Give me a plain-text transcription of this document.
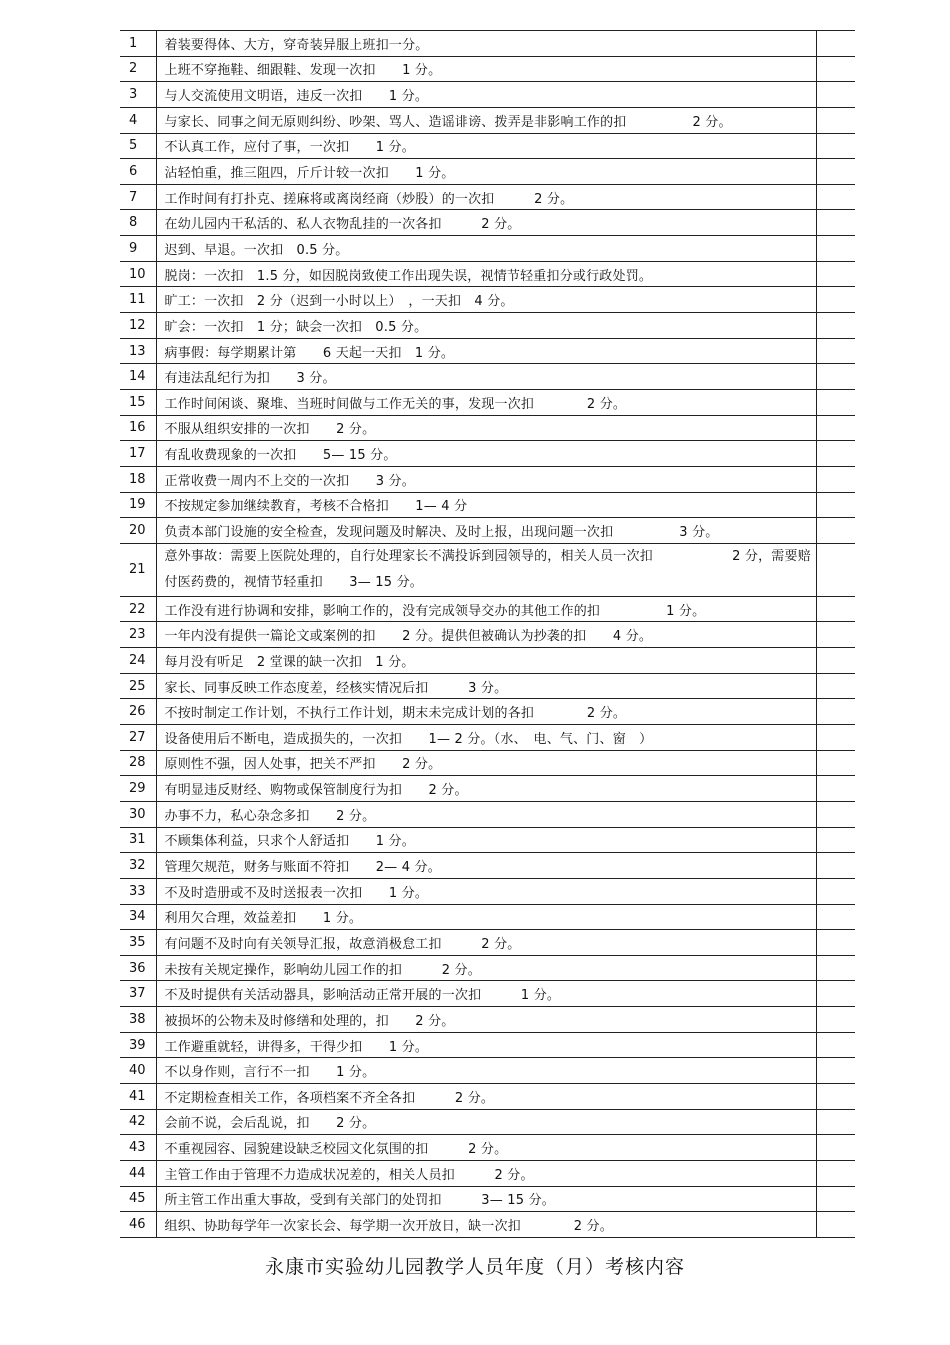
1	着装要得体、大方，穿奇装异服上班扣一分。	
2	上班不穿拖鞋、细跟鞋、发现一次扣　　1 分。	
3	与人交流使用文明语，违反一次扣　　1 分。	
4	与家长、同事之间无原则纠纷、吵架、骂人、造谣诽谤、拨弄是非影响工作的扣　　　　　2 分。	
5	不认真工作，应付了事，一次扣　　1 分。	
6	沾轻怕重，推三阻四，斤斤计较一次扣　　1 分。	
7	工作时间有打扑克、搓麻将或离岗经商（炒股）的一次扣　　　2 分。	
8	在幼儿园内干私活的、私人衣物乱挂的一次各扣　　　2 分。	
9	迟到、早退。一次扣　0.5 分。	
10	脱岗：一次扣　1.5 分，如因脱岗致使工作出现失误，视情节轻重扣分或行政处罚。	
11	旷工：一次扣　2 分（迟到一小时以上）　，一天扣　4 分。	
12	旷会：一次扣　1 分；缺会一次扣　0.5 分。	
13	病事假：每学期累计第　　6 天起一天扣　1 分。	
14	有违法乱纪行为扣　　3 分。	
15	工作时间闲谈、聚堆、当班时间做与工作无关的事，发现一次扣　　　　2 分。	
16	不服从组织安排的一次扣　　2 分。	
17	有乱收费现象的一次扣　　5— 15 分。	
18	正常收费一周内不上交的一次扣　　3 分。	
19	不按规定参加继续教育，考核不合格扣　　1— 4 分	
20	负责本部门设施的安全检查，发现问题及时解决、及时上报，出现问题一次扣　　　　　3 分。	
21	意外事故：需要上医院处理的，自行处理家长不满投诉到园领导的，相关人员一次扣　　　　　　2 分，需要赔付医药费的，视情节轻重扣　　3— 15 分。	
22	工作没有进行协调和安排，影响工作的，没有完成领导交办的其他工作的扣　　　　　1 分。	
23	一年内没有提供一篇论文或案例的扣　　2 分。提供但被确认为抄袭的扣　　4 分。	
24	每月没有听足　2 堂课的缺一次扣　1 分。	
25	家长、同事反映工作态度差，经核实情况后扣　　　3 分。	
26	不按时制定工作计划，不执行工作计划，期末未完成计划的各扣　　　　2 分。	
27	设备使用后不断电，造成损失的，一次扣　　1— 2 分。（水、　电、气、门、窗　）	
28	原则性不强，因人处事，把关不严扣　　2 分。	
29	有明显违反财经、购物或保管制度行为扣　　2 分。	
30	办事不力，私心杂念多扣　　2 分。	
31	不顾集体利益，只求个人舒适扣　　1 分。	
32	管理欠规范，财务与账面不符扣　　2— 4 分。	
33	不及时造册或不及时送报表一次扣　　1 分。	
34	利用欠合理，效益差扣　　1 分。	
35	有问题不及时向有关领导汇报，故意消极怠工扣　　　2 分。	
36	未按有关规定操作，影响幼儿园工作的扣　　　2 分。	
37	不及时提供有关活动器具，影响活动正常开展的一次扣　　　1 分。	
38	被损坏的公物未及时修缮和处理的，扣　　2 分。	
39	工作避重就轻，讲得多，干得少扣　　1 分。	
40	不以身作则，言行不一扣　　1 分。	
41	不定期检查相关工作，各项档案不齐全各扣　　　2 分。	
42	会前不说，会后乱说，扣　　2 分。	
43	不重视园容、园貌建设缺乏校园文化氛围的扣　　　2 分。	
44	主管工作由于管理不力造成状况差的，相关人员扣　　　2 分。	
45	所主管工作出重大事故，受到有关部门的处罚扣　　　3— 15 分。	
46	组织、协助每学年一次家长会、每学期一次开放日，缺一次扣　　　　2 分。	
永康市实验幼儿园教学人员年度（月）考核内容
